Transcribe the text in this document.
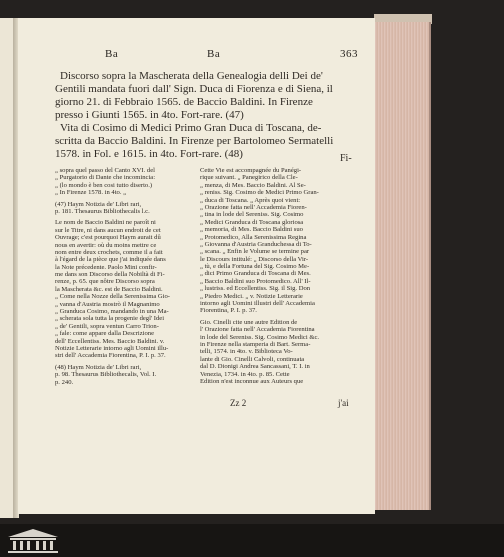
Ba	Ba	363
Discorso sopra la Mascherata della Genealogia delli Dei de'
Gentili mandata fuori dall' Sign. Duca di Fiorenza e di Siena, il
giorno 21. di Febbraio 1565. de Baccio Baldini. In Firenze
presso i Giunti 1565. in 4to. Fort-rare. (47)
Vita di Cosimo di Medici Primo Gran Duca di Toscana, de-
scritta da Baccio Baldini. In Firenze per Bartolomeo Sermatelli
1578. in Fol. e 1615. in 4to. Fort-rare. (48)	Fi-
„ sopra quel passo del Canto XVI. del
„ Purgatorio di Dante che incomincia:
„ (lo mondo è ben cosi tutto diserto.)
„ In Firenze 1578. in 4to. „
(47) Haym Notizia de' Libri rari,
p. 181. Thesaurus Bibliothecalis l.c.
Le nom de Baccio Baldini ne paroît ni
sur le Titre, ni dans aucun endroit de cet
Ouvrage; c'est pourquoi Haym aurait dû
nous en avertir: où du moins mettre ce
nom entre deux crochets, comme il a fait
à l'égard de la pièce que j'ai indiquée dans
la Note précedente. Paolo Mini confir-
me dans son Discorso della Nobiltà di Fi-
renze, p. 65. que nôtre Discorso sopra
la Mascherata &c. est de Baccio Baldini.
„ Come nella Nozze della Serenissima Gio-
„ vanna d'Austria mostrò il Magnanimo
„ Granduca Cosimo, mandando in una Ma-
„ scherata sola tutta la progenie degl' Idei
„ de' Gentili, sopra ventun Carro Trion-
„ fale: come appare dalla Descrizione
dell' Eccellentiss. Mes. Baccio Baldini. v.
Notizie Letterarie intorno agli Uomini illu-
stri dell' Accademia Fiorentina, P. I. p. 37.
(48) Haym Notizia de' Libri rari,
p. 98. Thesaurus Bibliothecalis, Vol. I.
p. 240.
Cette Vie est accompagnée du Panégi-
rique suivant. „ Panegirico della Cle-
„ menza, di Mes. Baccio Baldini. Al Se-
„ reniss. Sig. Cosimo de Medici Primo Gran-
„ duca di Toscana. „ Après quoi vient:
„ Orazione fatta nell' Accademia Fioren-
„ tina in lode del Sereniss. Sig. Cosimo
„ Medici Granduca di Toscana gloriosa
„ memoria, di Mes. Baccio Baldini suo
„ Protomedico, Alla Serenissima Regina
„ Giovanna d'Austria Granduchessa di To-
„ scana. „ Enfin le Volume se termine par
le Discours intitulé: „ Discorso della Vir-
„ tù, e della Fortuna del Sig. Cosimo Me-
„ dici Primo Granduca di Toscana di Mes.
„ Baccio Baldini suo Protomedico. All' Il-
„ lustriss. ed Eccellentiss. Sig. il Sig. Don
„ Piedro Medici. „ v. Notizie Letterarie
intorno agli Uomini illustri dell' Accademia
Fiorentina, P. I. p. 37.
Gio. Cinelli cite une autre Edition de
l' Orazione fatta nell' Accademia Fiorentina
in lode del Sereniss. Sig. Cosimo Medici &c.
in Firenze nella stamperia di Bart. Serma-
telli, 1574. in 4to. v. Biblioteca Vo-
lante di Gio. Cinelli Calvoli, continuata
dal D. Dionigi Andrea Sancassani, T. I. in
Venezia, 1734. in 4to. p. 85. Cette
Edition n'est inconnue aux Auteurs que
Zz 2	j'ai
